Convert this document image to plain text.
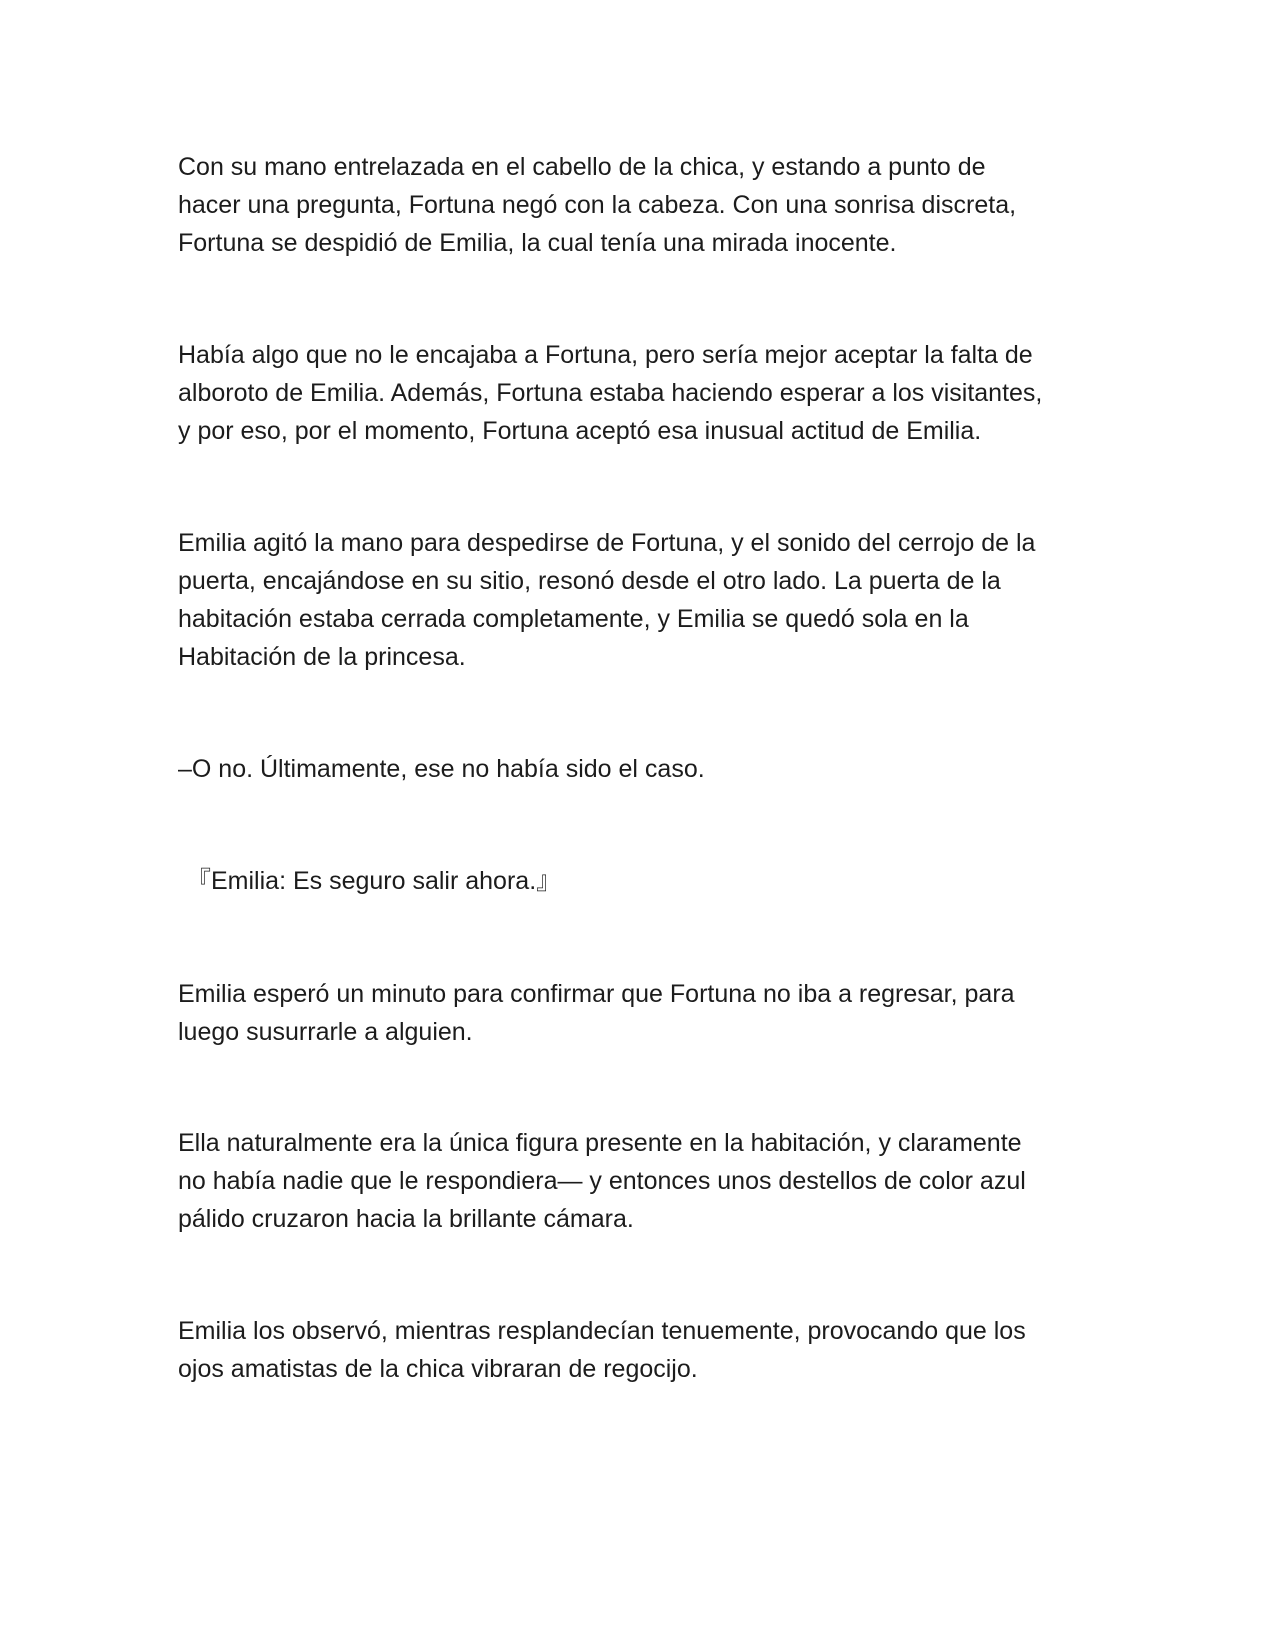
Con su mano entrelazada en el cabello de la chica, y estando a punto de
hacer una pregunta, Fortuna negó con la cabeza. Con una sonrisa discreta,
Fortuna se despidió de Emilia, la cual tenía una mirada inocente.

Había algo que no le encajaba a Fortuna, pero sería mejor aceptar la falta de
alboroto de Emilia. Además, Fortuna estaba haciendo esperar a los visitantes,
y por eso, por el momento, Fortuna aceptó esa inusual actitud de Emilia.

Emilia agitó la mano para despedirse de Fortuna, y el sonido del cerrojo de la
puerta, encajándose en su sitio, resonó desde el otro lado. La puerta de la
habitación estaba cerrada completamente, y Emilia se quedó sola en la
Habitación de la princesa.

–O no. Últimamente, ese no había sido el caso.

『Emilia: Es seguro salir ahora.』

Emilia esperó un minuto para confirmar que Fortuna no iba a regresar, para
luego susurrarle a alguien.

Ella naturalmente era la única figura presente en la habitación, y claramente
no había nadie que le respondiera— y entonces unos destellos de color azul
pálido cruzaron hacia la brillante cámara.

Emilia los observó, mientras resplandecían tenuemente, provocando que los
ojos amatistas de la chica vibraran de regocijo.
